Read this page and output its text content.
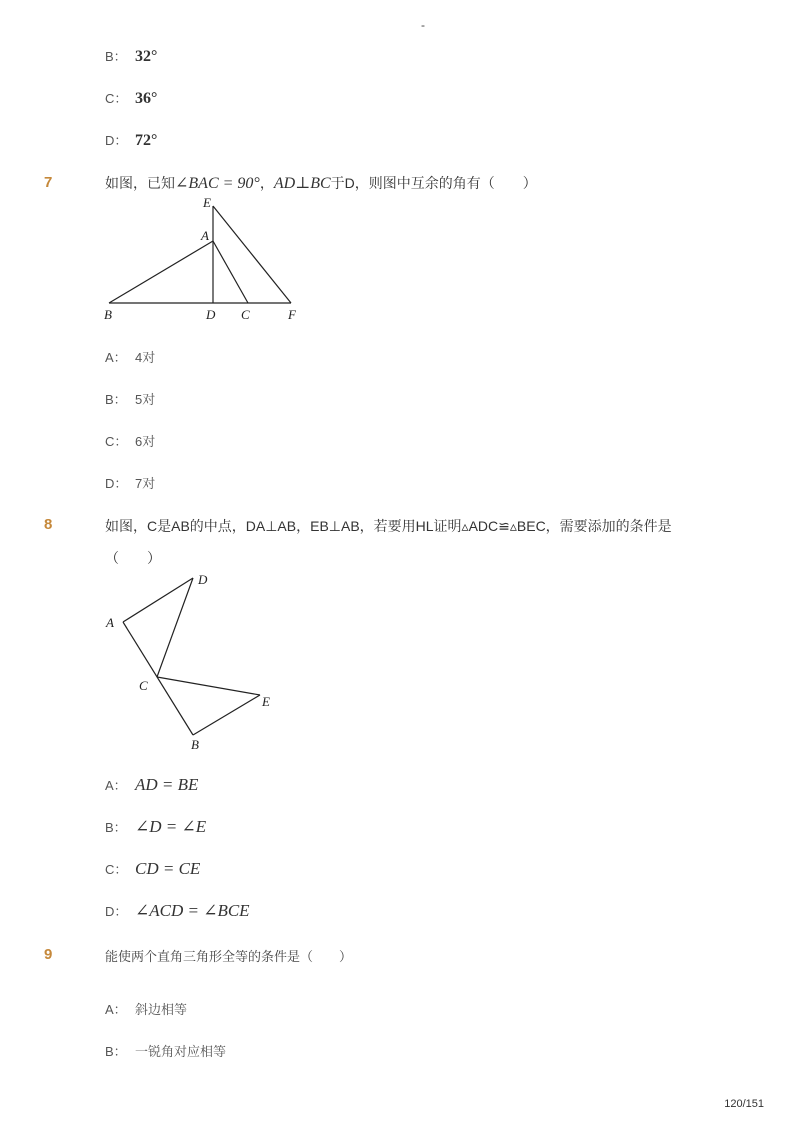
-
B： 32°
C： 36°
D： 72°
7	如图，已知∠BAC = 90°，AD⊥BC于D，则图中互余的角有（　　）
E
A
B	D C	F
A： 4对
B： 5对
C： 6对
D： 7对
8	如图，C是AB的中点，DA⊥AB，EB⊥AB，若要用HL证明▵ADC≌▵BEC，需要添加的条件是
（　　）
D
A
C
E
B
A： AD = BE
B： ∠D = ∠E
C： CD = CE
D： ∠ACD = ∠BCE
9	能使两个直角三角形全等的条件是（　　）
A： 斜边相等
B： 一锐角对应相等
120/151
